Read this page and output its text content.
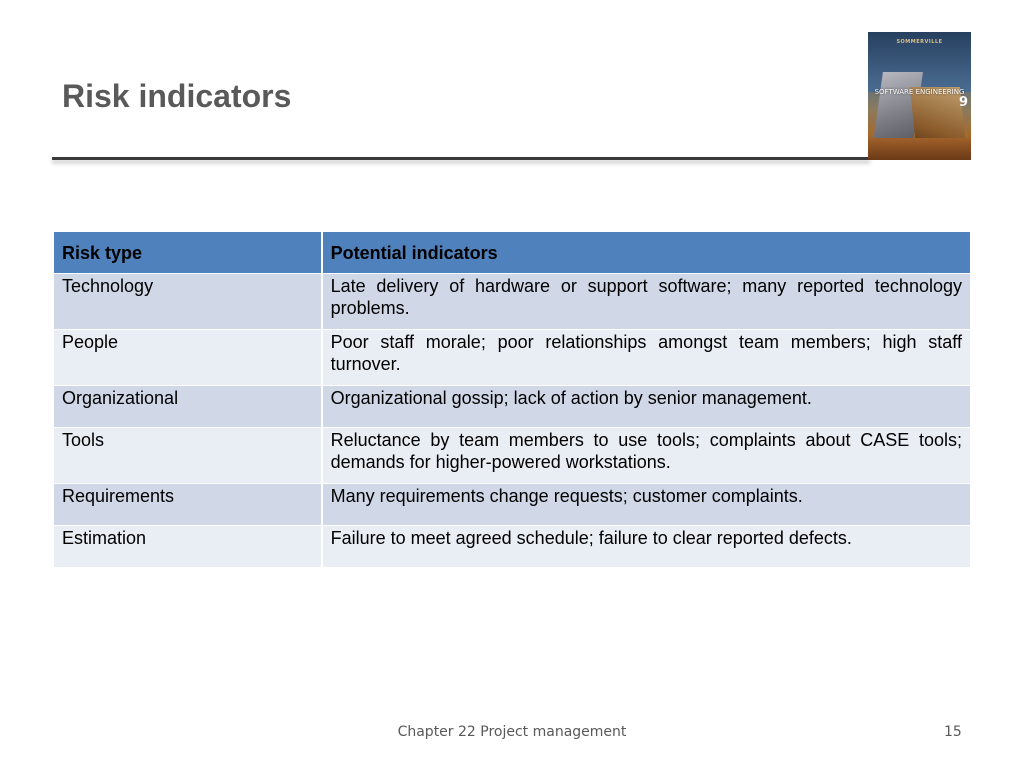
Risk indicators
SOMMERVILLE
SOFTWARE ENGINEERING
9
Risk type	Potential indicators
Technology	Late delivery of hardware or support software; many reported technology problems.
People	Poor staff morale; poor relationships amongst team members; high staff turnover.
Organizational	Organizational gossip; lack of action by senior management.
Tools	Reluctance by team members to use tools; complaints about CASE tools; demands for higher-powered workstations.
Requirements	Many requirements change requests; customer complaints.
Estimation	Failure to meet agreed schedule; failure to clear reported defects.
Chapter 22 Project management	15
